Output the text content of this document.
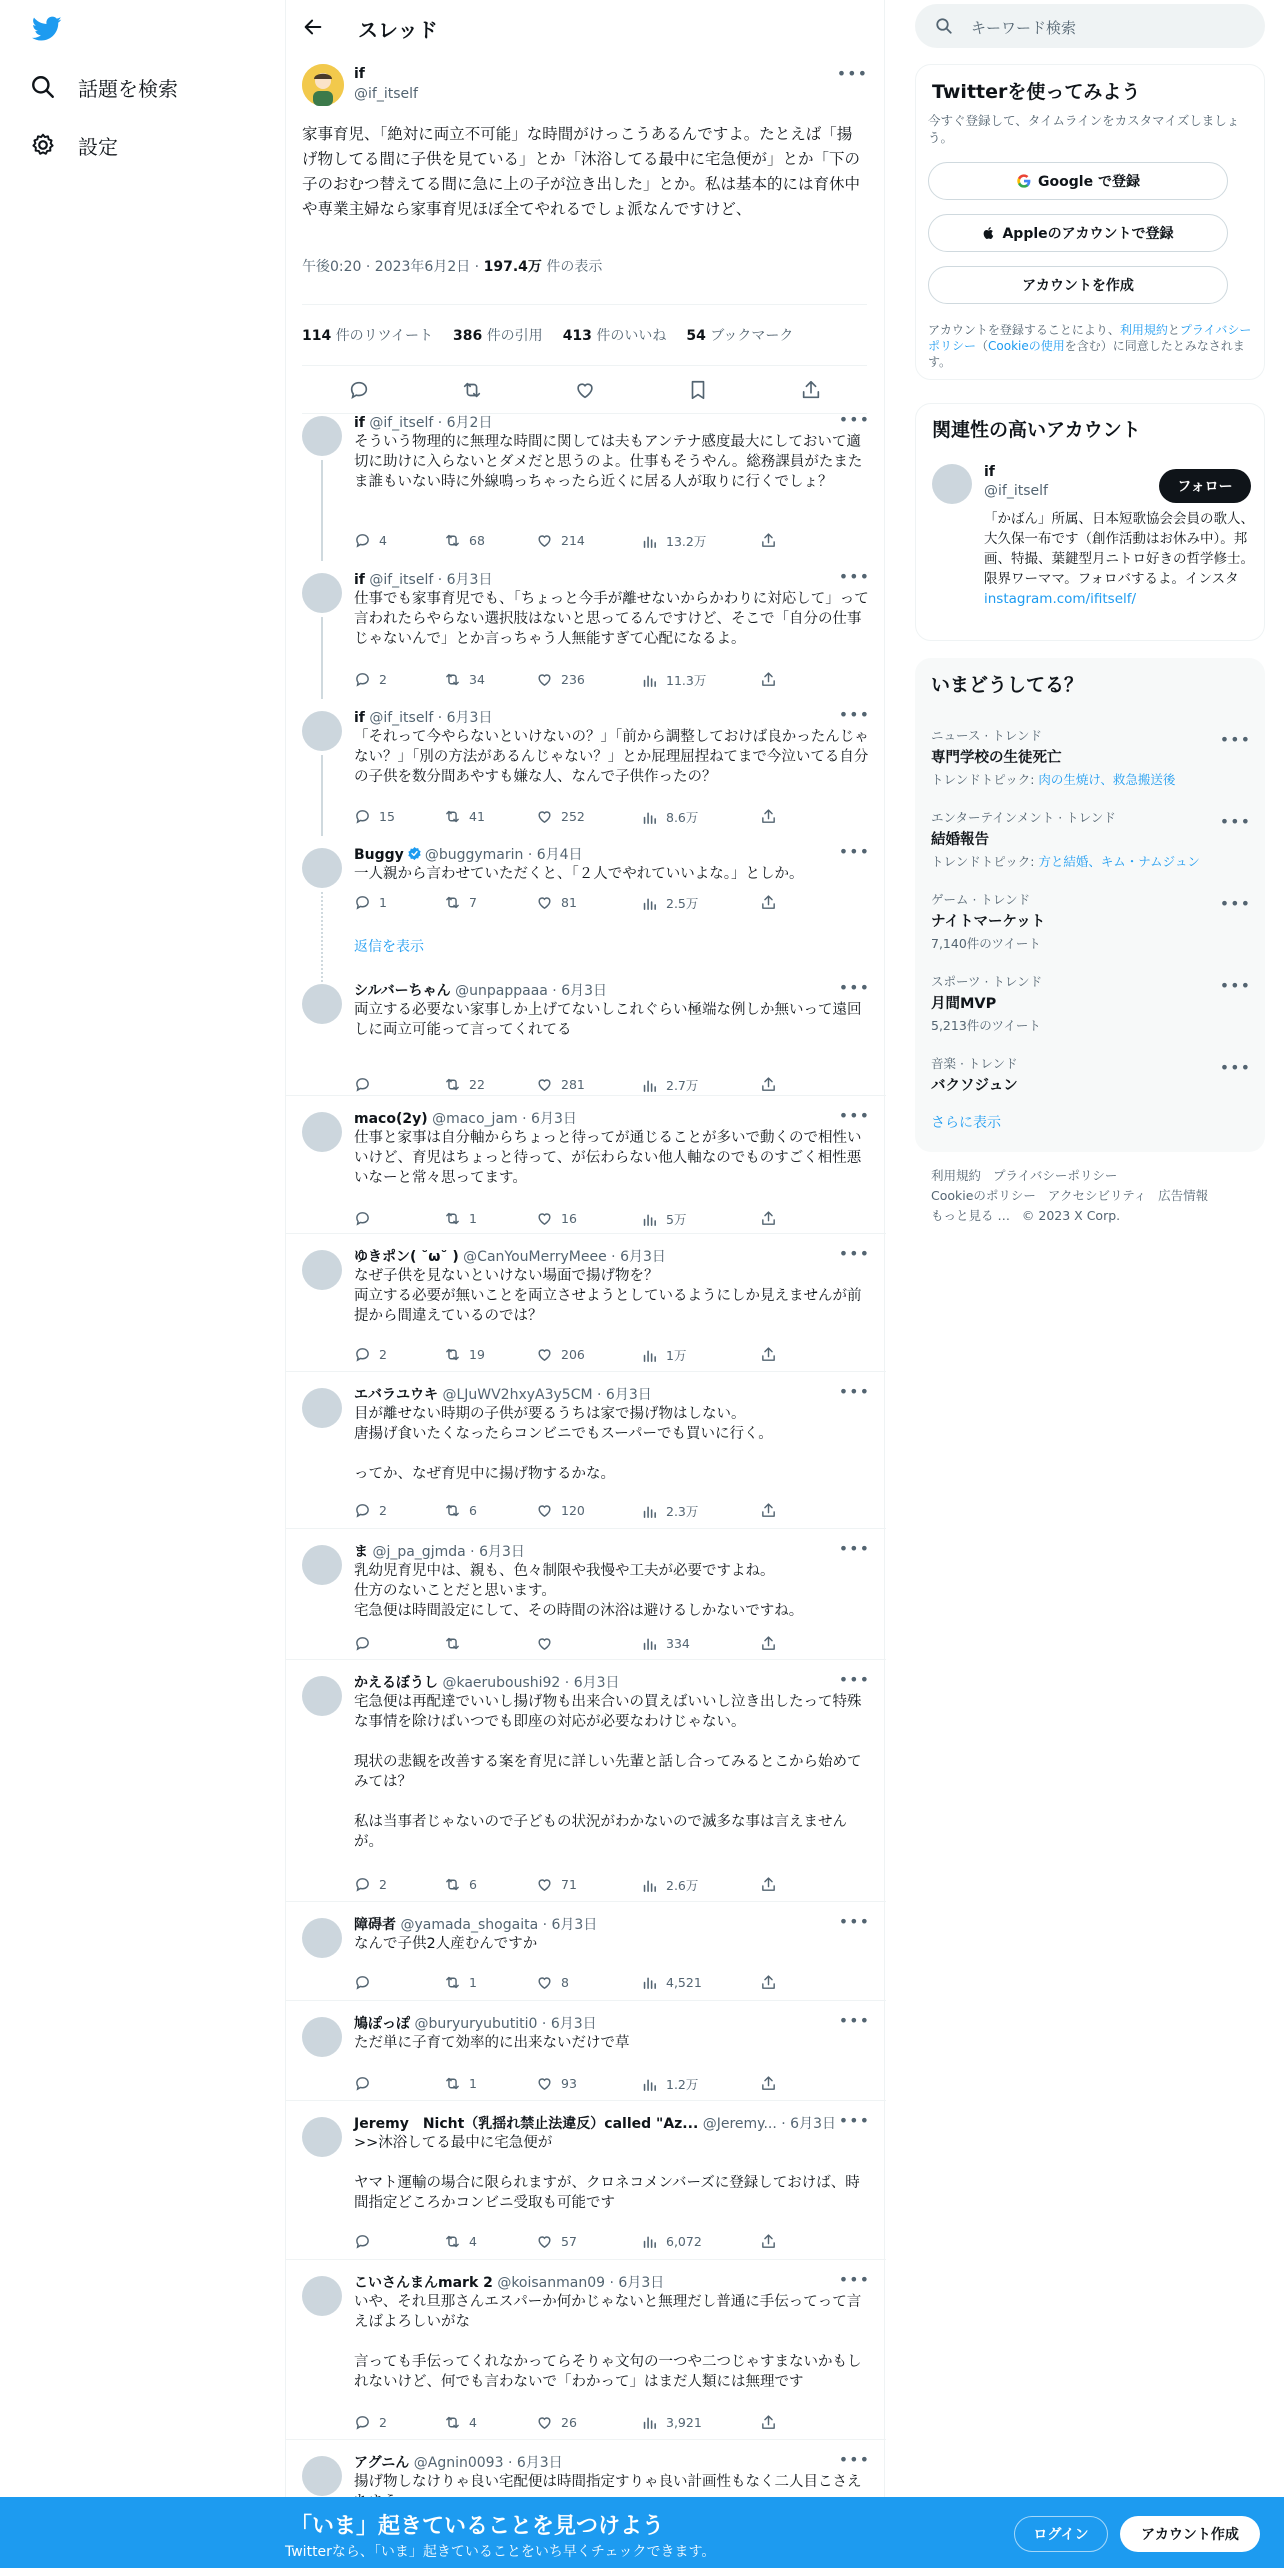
話題を検索
設定
スレッド
if
@if_itself
•••
家事育児、「絶対に両立不可能」な時間がけっこうあるんですよ。たとえば「揚げ物してる間に子供を見ている」とか「沐浴してる最中に宅急便が」とか「下の子のおむつ替えてる間に急に上の子が泣き出した」とか。私は基本的には育休中や専業主婦なら家事育児ほぼ全てやれるでしょ派なんですけど、
午後0:20 · 2023年6月2日 · 197.4万 件の表示
114 件のリツイート 386 件の引用 413 件のいいね 54 ブックマーク
if @if_itself · 6月2日	•••
そういう物理的に無理な時間に関しては夫もアンテナ感度最大にしておいて適切に助けに入らないとダメだと思うのよ。仕事もそうやん。総務課員がたまたま誰もいない時に外線鳴っちゃったら近くに居る人が取りに行くでしょ？
4	68	214	13.2万
if @if_itself · 6月3日	•••
仕事でも家事育児でも、「ちょっと今手が離せないからかわりに対応して」って言われたらやらない選択肢はないと思ってるんですけど、そこで「自分の仕事じゃないんで」とか言っちゃう人無能すぎて心配になるよ。
2	34	236	11.3万
if @if_itself · 6月3日	•••
「それって今やらないといけないの？」「前から調整しておけば良かったんじゃない？」「別の方法があるんじゃない？」とか屁理屈捏ねてまで今泣いてる自分の子供を数分間あやすも嫌な人、なんで子供作ったの？
15	41	252	8.6万
Buggy @buggymarin · 6月4日	•••
一人親から言わせていただくと、「２人でやれていいよな。」としか。
1	7	81	2.5万
返信を表示
シルバーちゃん @unpappaaa · 6月3日	•••
両立する必要ない家事しか上げてないしこれぐらい極端な例しか無いって遠回しに両立可能って言ってくれてる
22	281	2.7万
maco(2y) @maco_jam · 6月3日	•••
仕事と家事は自分軸からちょっと待ってが通じることが多いで動くので相性いいけど、育児はちょっと待って、が伝わらない他人軸なのでものすごく相性悪いなーと常々思ってます。
1	16	5万
ゆきポン( ˘ω˘ ) @CanYouMerryMeee · 6月3日	•••
なぜ子供を見ないといけない場面で揚げ物を？
両立する必要が無いことを両立させようとしているようにしか見えませんが前提から間違えているのでは？
2	19	206	1万
エバラユウキ @LJuWV2hxyA3y5CM · 6月3日	•••
目が離せない時期の子供が要るうちは家で揚げ物はしない。
唐揚げ食いたくなったらコンビニでもスーパーでも買いに行く。

ってか、なぜ育児中に揚げ物するかな。
2	6	120	2.3万
ま @j_pa_gjmda · 6月3日	•••
乳幼児育児中は、親も、色々制限や我慢や工夫が必要ですよね。
仕方のないことだと思います。
宅急便は時間設定にして、その時間の沐浴は避けるしかないですね。
334
かえるぼうし @kaeruboushi92 · 6月3日	•••
宅急便は再配達でいいし揚げ物も出来合いの買えばいいし泣き出したって特殊な事情を除けばいつでも即座の対応が必要なわけじゃない。

現状の悲観を改善する案を育児に詳しい先輩と話し合ってみるとこから始めてみては？

私は当事者じゃないので子どもの状況がわかないので滅多な事は言えませんが。
2	6	71	2.6万
障碍者 @yamada_shogaita · 6月3日	•••
なんで子供2人産むんですか
1	8	4,521
鳩ぽっぽ @buryuryubutiti0 · 6月3日	•••
ただ単に子育て効率的に出来ないだけで草
1	93	1.2万
Jeremy　Nicht（乳揺れ禁止法違反）called "Az... @Jeremy... · 6月3日 •••
>>沐浴してる最中に宅急便が

ヤマト運輸の場合に限られますが、クロネコメンバーズに登録しておけば、時間指定どころかコンビニ受取も可能です
4	57	6,072
こいさんまんmark 2 @koisanman09 · 6月3日	•••
いや、それ旦那さんエスパーか何かじゃないと無理だし普通に手伝ってって言えばよろしいがな

言っても手伝ってくれなかってらそりゃ文句の一つや二つじゃすまないかもしれないけど、何でも言わないで「わかって」はまだ人類には無理です
2	4	26	3,921
アグニん @Agnin0093 · 6月3日	•••
揚げ物しなけりゃ良い宅配便は時間指定すりゃ良い計画性もなく二人目こさえ
キーワード検索
Twitterを使ってみよう
今すぐ登録して、タイムラインをカスタマイズしましょう。
Google で登録
Appleのアカウントで登録
アカウントを作成
アカウントを登録することにより、利用規約とプライバシーポリシー（Cookieの使用を含む）に同意したとみなされます。
関連性の高いアカウント
if
@if_itself	フォロー
「かばん」所属、日本短歌協会会員の歌人、大久保一布です（創作活動はお休み中）。邦画、特撮、葉鍵型月ニトロ好きの哲学修士。限界ワーママ。フォロバするよ。インスタinstagram.com/ifitself/
いまどうしてる？
ニュース · トレンド
専門学校の生徒死亡
トレンドトピック: 肉の生焼け、救急搬送後
•••
エンターテインメント · トレンド
結婚報告
トレンドトピック: 方と結婚、キム・ナムジュン
•••
ゲーム · トレンド
ナイトマーケット
7,140件のツイート
•••
スポーツ · トレンド
月間MVP
5,213件のツイート
•••
音楽 · トレンド
バクソジュン
•••
さらに表示
利用規約 プライバシーポリシー
Cookieのポリシー アクセシビリティ 広告情報
もっと見る … © 2023 X Corp.
「いま」起きていることを見つけよう
Twitterなら、「いま」起きていることをいち早くチェックできます。
ログイン	アカウント作成
